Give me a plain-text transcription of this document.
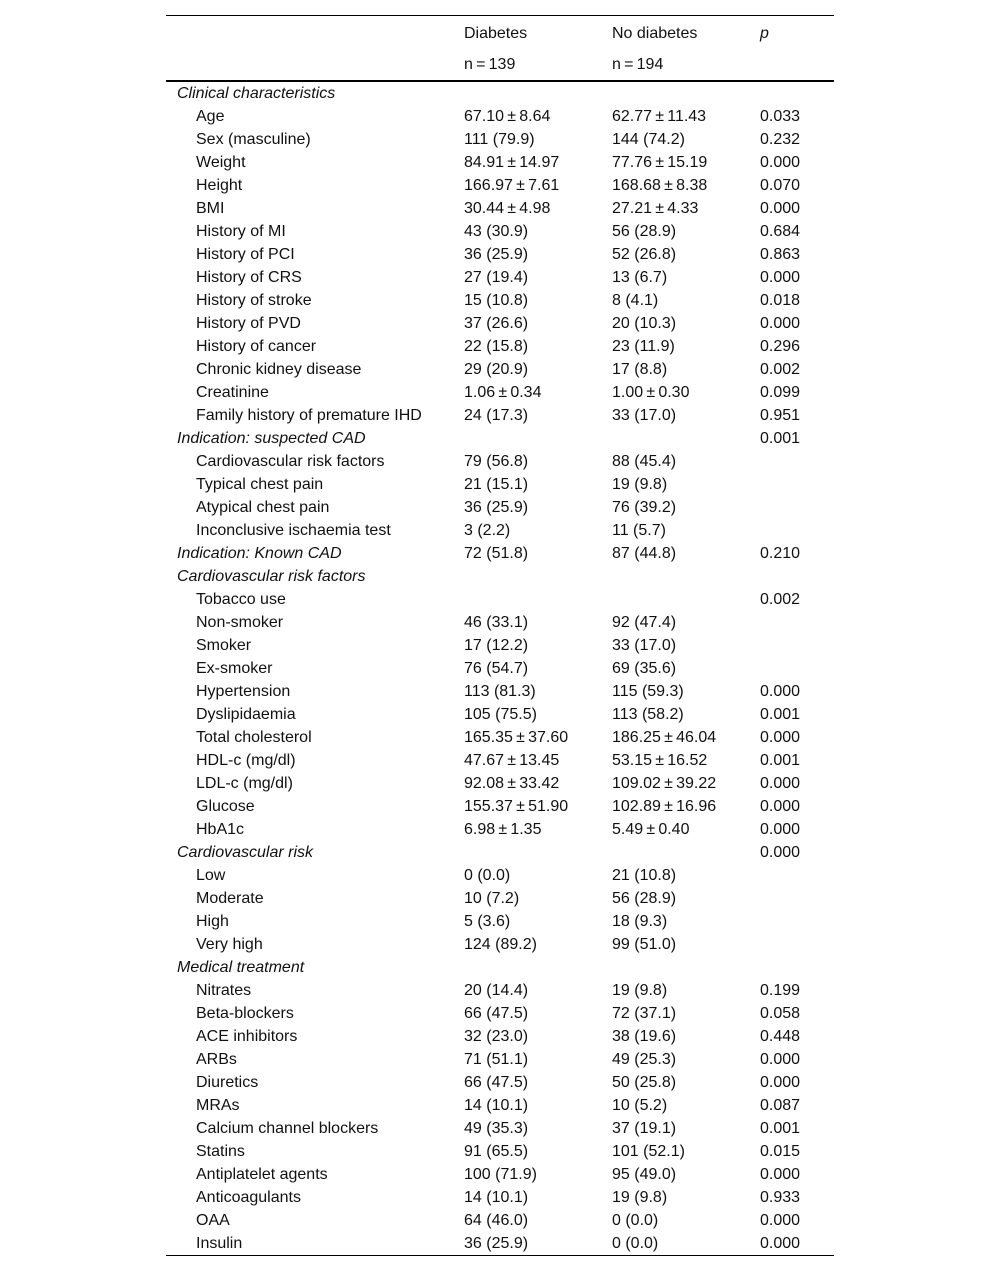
	Diabetes	No diabetes	p
	n = 139	n = 194	
Clinical characteristics			
Age	67.10 ± 8.64	62.77 ± 11.43	0.033
Sex (masculine)	111 (79.9)	144 (74.2)	0.232
Weight	84.91 ± 14.97	77.76 ± 15.19	0.000
Height	166.97 ± 7.61	168.68 ± 8.38	0.070
BMI	30.44 ± 4.98	27.21 ± 4.33	0.000
History of MI	43 (30.9)	56 (28.9)	0.684
History of PCI	36 (25.9)	52 (26.8)	0.863
History of CRS	27 (19.4)	13 (6.7)	0.000
History of stroke	15 (10.8)	8 (4.1)	0.018
History of PVD	37 (26.6)	20 (10.3)	0.000
History of cancer	22 (15.8)	23 (11.9)	0.296
Chronic kidney disease	29 (20.9)	17 (8.8)	0.002
Creatinine	1.06 ± 0.34	1.00 ± 0.30	0.099
Family history of premature IHD	24 (17.3)	33 (17.0)	0.951
Indication: suspected CAD			0.001
Cardiovascular risk factors	79 (56.8)	88 (45.4)	
Typical chest pain	21 (15.1)	19 (9.8)	
Atypical chest pain	36 (25.9)	76 (39.2)	
Inconclusive ischaemia test	3 (2.2)	11 (5.7)	
Indication: Known CAD	72 (51.8)	87 (44.8)	0.210
Cardiovascular risk factors			
Tobacco use			0.002
Non-smoker	46 (33.1)	92 (47.4)	
Smoker	17 (12.2)	33 (17.0)	
Ex-smoker	76 (54.7)	69 (35.6)	
Hypertension	113 (81.3)	115 (59.3)	0.000
Dyslipidaemia	105 (75.5)	113 (58.2)	0.001
Total cholesterol	165.35 ± 37.60	186.25 ± 46.04	0.000
HDL-c (mg/dl)	47.67 ± 13.45	53.15 ± 16.52	0.001
LDL-c (mg/dl)	92.08 ± 33.42	109.02 ± 39.22	0.000
Glucose	155.37 ± 51.90	102.89 ± 16.96	0.000
HbA1c	6.98 ± 1.35	5.49 ± 0.40	0.000
Cardiovascular risk			0.000
Low	0 (0.0)	21 (10.8)	
Moderate	10 (7.2)	56 (28.9)	
High	5 (3.6)	18 (9.3)	
Very high	124 (89.2)	99 (51.0)	
Medical treatment			
Nitrates	20 (14.4)	19 (9.8)	0.199
Beta-blockers	66 (47.5)	72 (37.1)	0.058
ACE inhibitors	32 (23.0)	38 (19.6)	0.448
ARBs	71 (51.1)	49 (25.3)	0.000
Diuretics	66 (47.5)	50 (25.8)	0.000
MRAs	14 (10.1)	10 (5.2)	0.087
Calcium channel blockers	49 (35.3)	37 (19.1)	0.001
Statins	91 (65.5)	101 (52.1)	0.015
Antiplatelet agents	100 (71.9)	95 (49.0)	0.000
Anticoagulants	14 (10.1)	19 (9.8)	0.933
OAA	64 (46.0)	0 (0.0)	0.000
Insulin	36 (25.9)	0 (0.0)	0.000
